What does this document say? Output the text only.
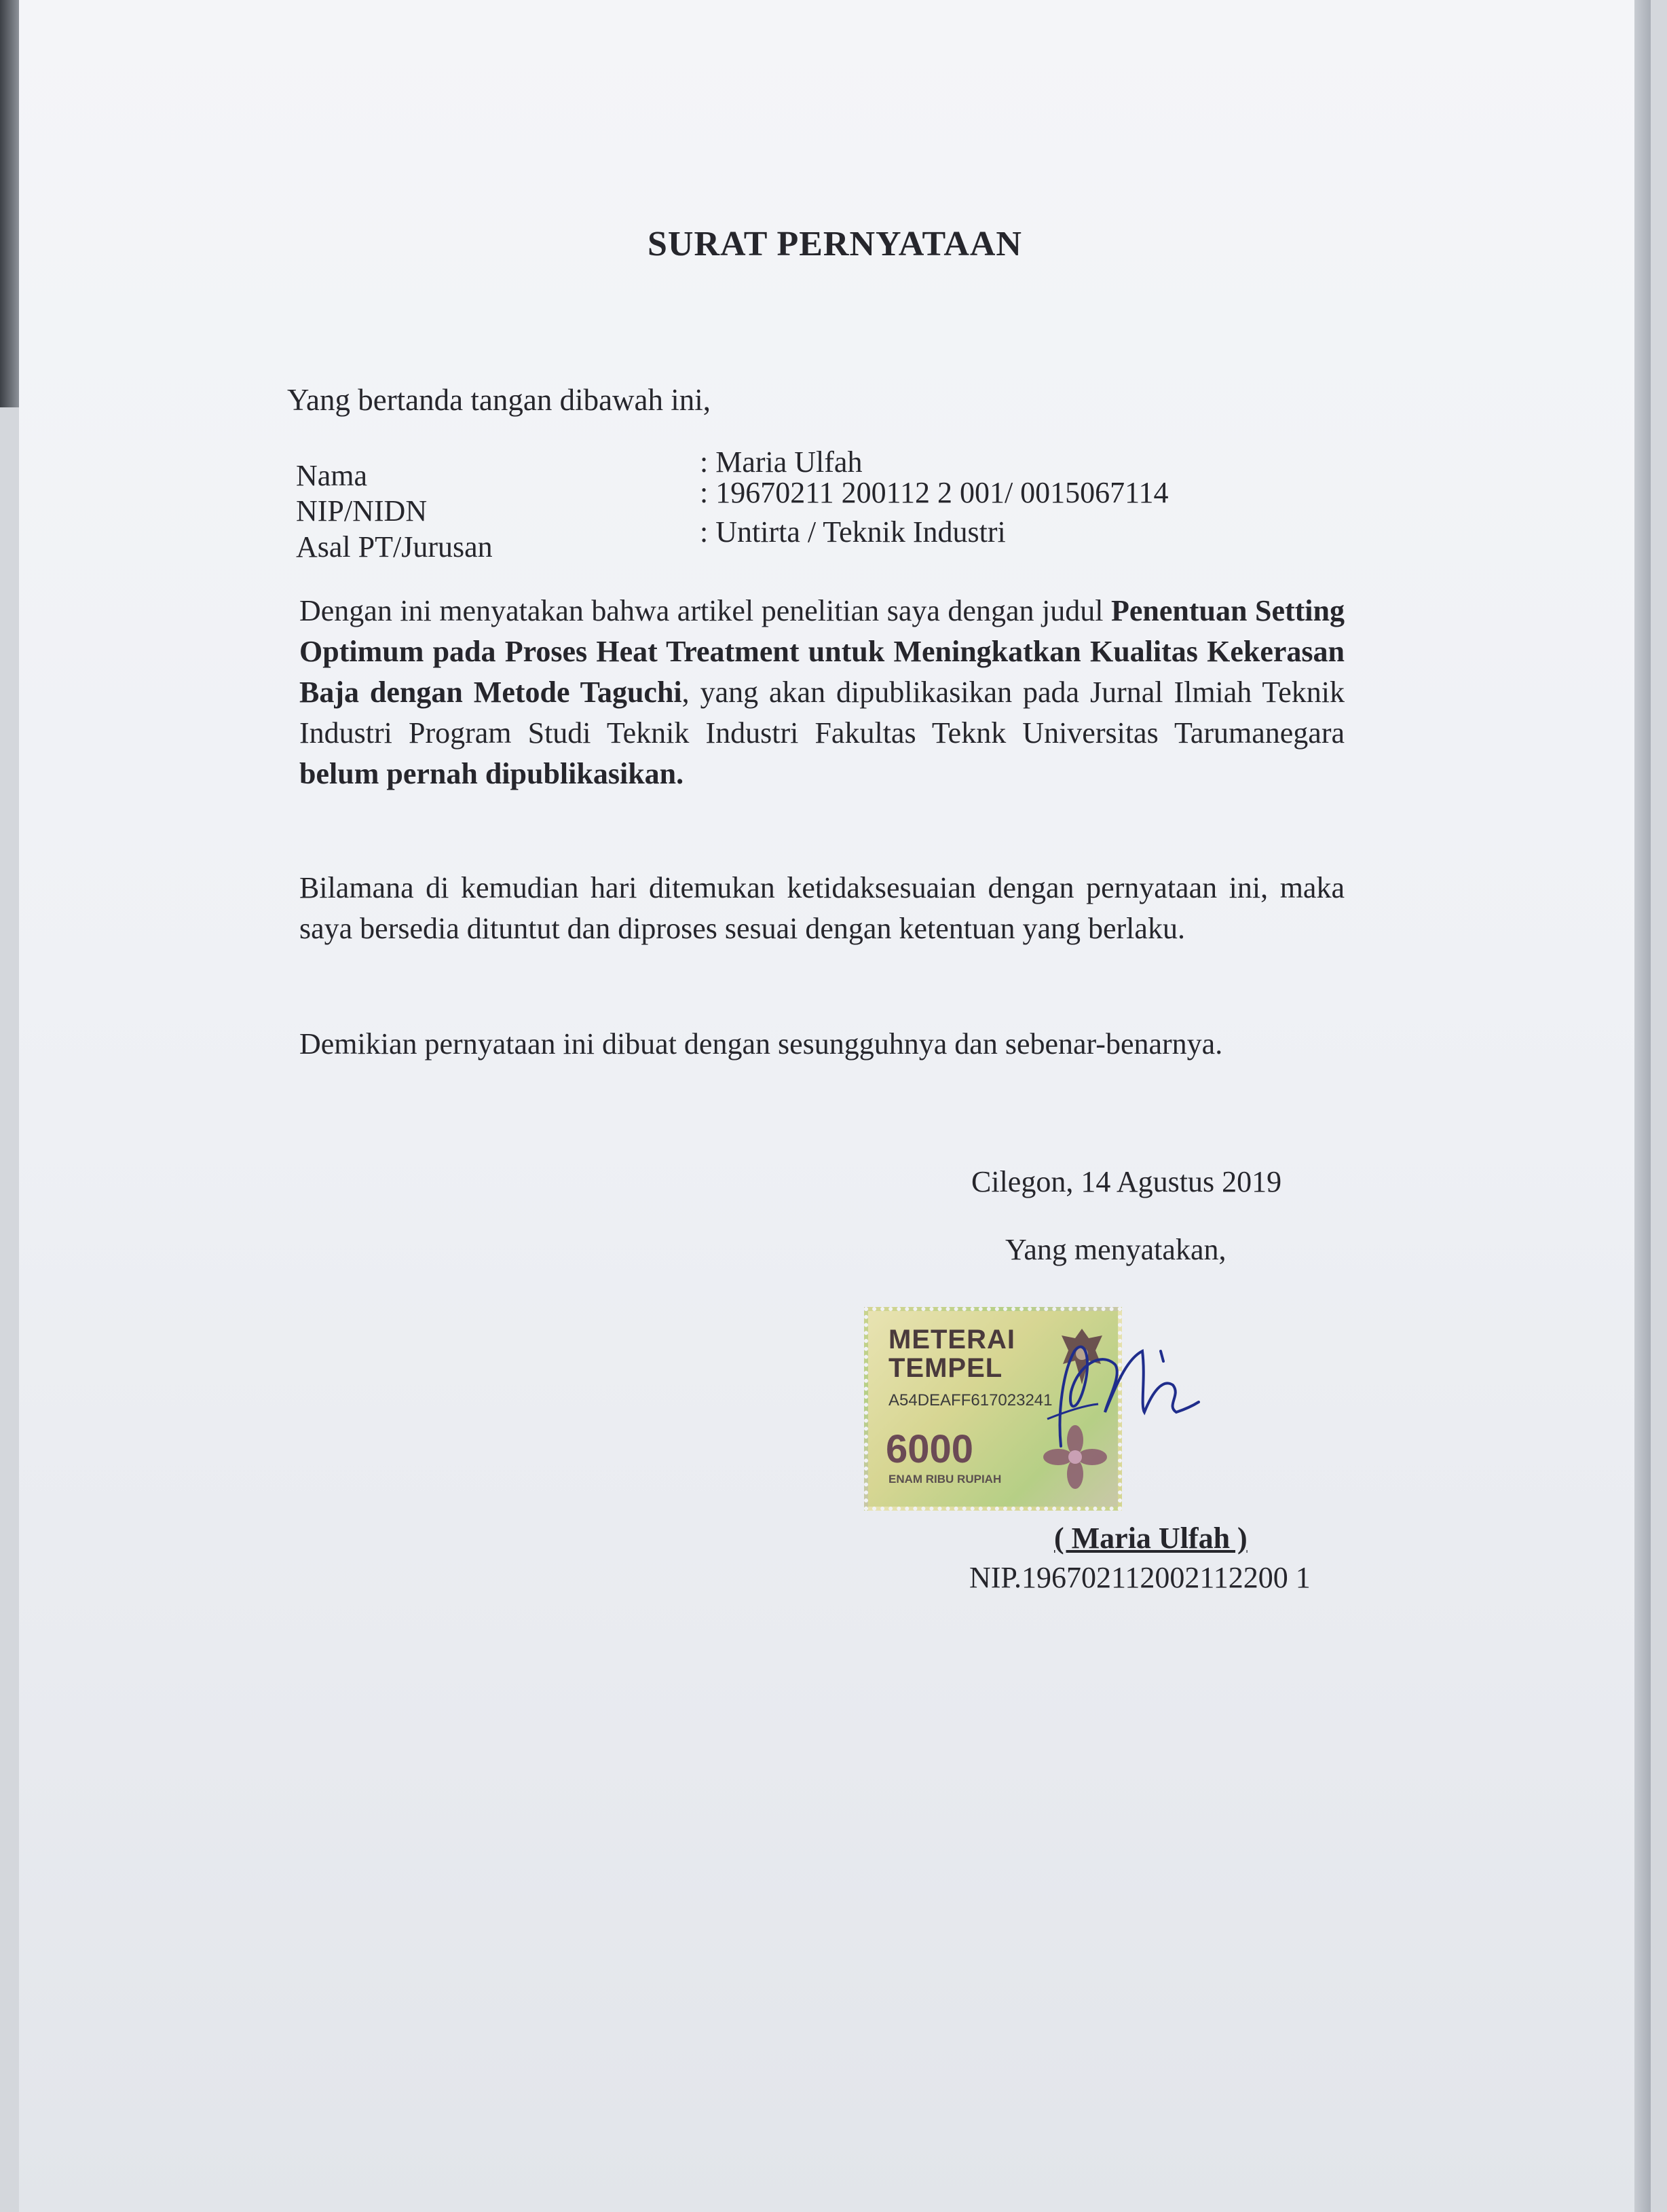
SURAT PERNYATAAN
Yang bertanda tangan dibawah ini,
Nama	: Maria Ulfah
NIP/NIDN
: 19670211 200112 2 001/ 0015067114
Asal PT/Jurusan	: Untirta / Teknik Industri
Dengan ini menyatakan bahwa artikel penelitian saya dengan judul Penentuan Setting Optimum pada Proses Heat Treatment untuk Meningkatkan Kualitas Kekerasan Baja dengan Metode Taguchi, yang akan dipublikasikan pada Jurnal Ilmiah Teknik Industri Program Studi Teknik Industri Fakultas Teknk Universitas Tarumanegara belum pernah dipublikasikan.
Bilamana di kemudian hari ditemukan ketidaksesuaian dengan pernyataan ini, maka saya bersedia dituntut dan diproses sesuai dengan ketentuan yang berlaku.
Demikian pernyataan ini dibuat dengan sesungguhnya dan sebenar-benarnya.
Cilegon, 14 Agustus 2019
Yang menyatakan,
METERAI
TEMPEL
A54DEAFF617023241
6000
ENAM RIBU RUPIAH
( Maria Ulfah )
NIP.196702112002112200 1
